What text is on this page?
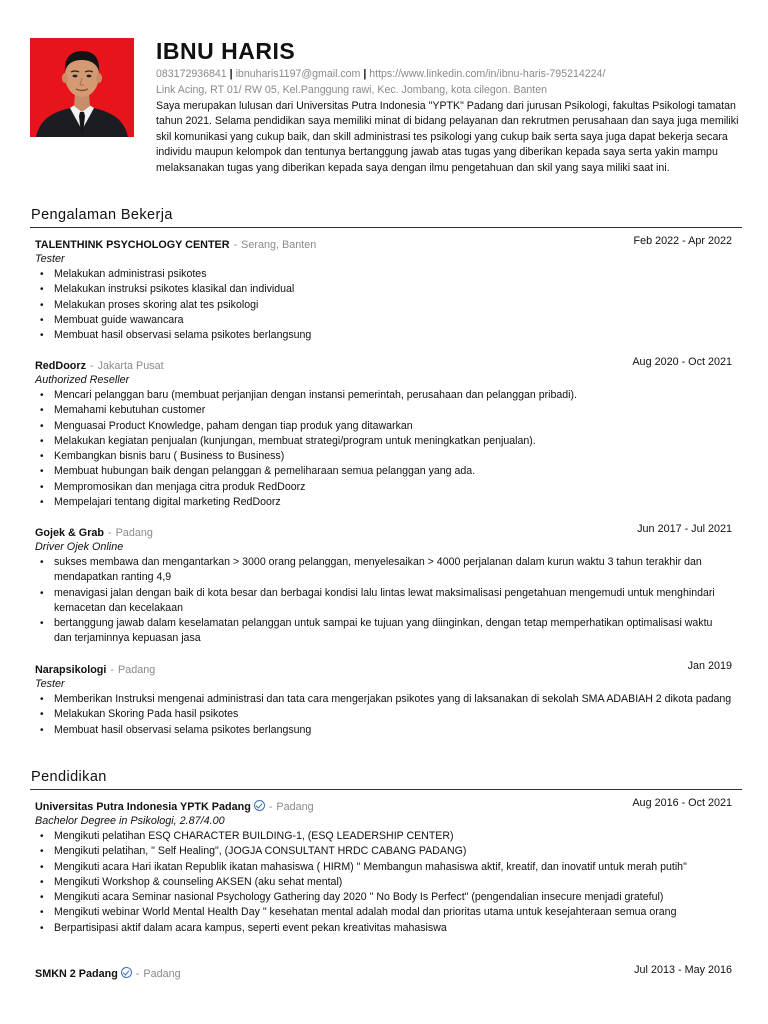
IBNU HARIS
083172936841 | ibnuharis1197@gmail.com | https://www.linkedin.com/in/ibnu-haris-795214224/
Link Acing, RT 01/ RW 05, Kel.Panggung rawi, Kec. Jombang, kota cilegon. Banten
Saya merupakan lulusan dari Universitas Putra Indonesia "YPTK" Padang dari jurusan Psikologi, fakultas Psikologi tamatan tahun 2021. Selama pendidikan saya memiliki minat di bidang pelayanan dan rekrutmen perusahaan dan saya juga memiliki skil komunikasi yang cukup baik, dan skill administrasi tes psikologi yang cukup baik serta saya juga dapat bekerja secara individu maupun kelompok dan tentunya bertanggung jawab atas tugas yang diberikan kepada saya serta yakin mampu melaksanakan tugas yang diberikan kepada saya dengan ilmu pengetahuan dan skil yang saya miliki saat ini.
Pengalaman Bekerja
TALENTHINK PSYCHOLOGY CENTER - Serang, Banten	Feb 2022 - Apr 2022
Tester
• Melakukan administrasi psikotes
• Melakukan instruksi psikotes klasikal dan individual
• Melakukan proses skoring alat tes psikologi
• Membuat guide wawancara
• Membuat hasil observasi selama psikotes berlangsung
RedDoorz - Jakarta Pusat	Aug 2020 - Oct 2021
Authorized Reseller
• Mencari pelanggan baru (membuat perjanjian dengan instansi pemerintah, perusahaan dan pelanggan pribadi).
• Memahami kebutuhan customer
• Menguasai Product Knowledge, paham dengan tiap produk yang ditawarkan
• Melakukan kegiatan penjualan (kunjungan, membuat strategi/program untuk meningkatkan penjualan).
• Kembangkan bisnis baru ( Business to Business)
• Membuat hubungan baik dengan pelanggan & pemeliharaan semua pelanggan yang ada.
• Mempromosikan dan menjaga citra produk RedDoorz
• Mempelajari tentang digital marketing RedDoorz
Gojek & Grab - Padang	Jun 2017 - Jul 2021
Driver Ojek Online
• sukses membawa dan mengantarkan > 3000 orang pelanggan, menyelesaikan > 4000 perjalanan dalam kurun waktu 3 tahun terakhir dan mendapatkan ranting 4,9
• menavigasi jalan dengan baik di kota besar dan berbagai kondisi lalu lintas lewat maksimalisasi pengetahuan mengemudi untuk menghindari kemacetan dan kecelakaan
• bertanggung jawab dalam keselamatan pelanggan untuk sampai ke tujuan yang diinginkan, dengan tetap memperhatikan optimalisasi waktu dan terjaminnya kepuasan jasa
Narapsikologi - Padang	Jan 2019
Tester
• Memberikan Instruksi mengenai administrasi dan tata cara mengerjakan psikotes yang di laksanakan di sekolah SMA ADABIAH 2 dikota padang
• Melakukan Skoring Pada hasil psikotes
• Membuat hasil observasi selama psikotes berlangsung
Pendidikan
Universitas Putra Indonesia YPTK Padang - Padang	Aug 2016 - Oct 2021
Bachelor Degree in Psikologi, 2.87/4.00
• Mengikuti pelatihan ESQ CHARACTER BUILDING-1, (ESQ LEADERSHIP CENTER)
• Mengikuti pelatihan, " Self Healing", (JOGJA CONSULTANT HRDC CABANG PADANG)
• Mengikuti acara Hari ikatan Republik ikatan mahasiswa ( HIRM) " Membangun mahasiswa aktif, kreatif, dan inovatif untuk merah putih"
• Mengikuti Workshop & counseling AKSEN (aku sehat mental)
• Mengikuti acara Seminar nasional Psychology Gathering day 2020 " No Body Is Perfect" (pengendalian insecure menjadi grateful)
• Mengikuti webinar World Mental Health Day " kesehatan mental adalah modal dan prioritas utama untuk kesejahteraan semua orang
• Berpartisipasi aktif dalam acara kampus, seperti event pekan kreativitas mahasiswa
SMKN 2 Padang - Padang	Jul 2013 - May 2016
